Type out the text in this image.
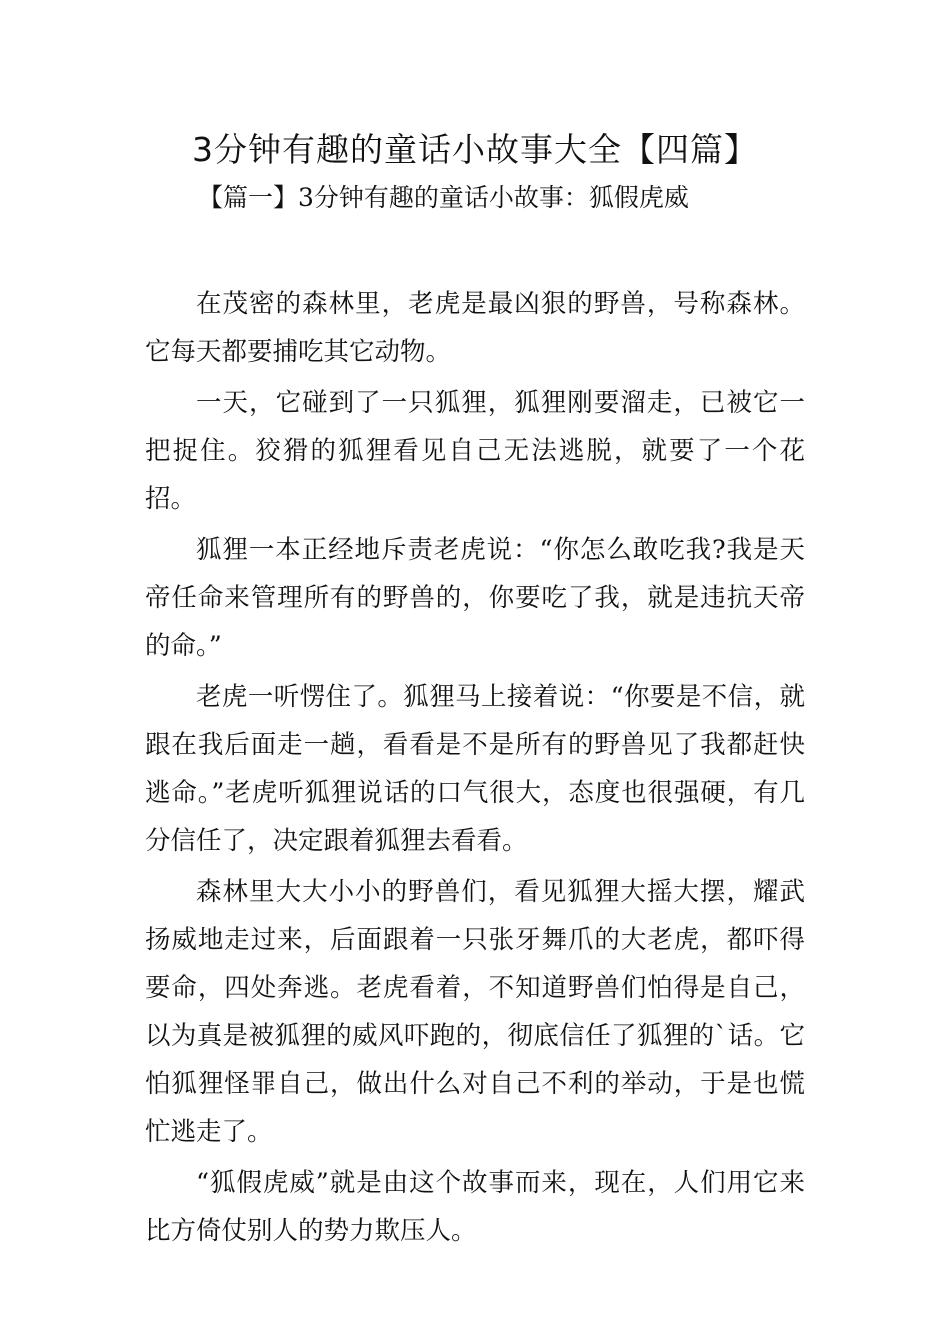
3分钟有趣的童话小故事大全【四篇】
【篇一】3分钟有趣的童话小故事：狐假虎威

在茂密的森林里，老虎是最凶狠的野兽，号称森林。它每天都要捕吃其它动物。

一天，它碰到了一只狐狸，狐狸刚要溜走，已被它一把捉住。狡猾的狐狸看见自己无法逃脱，就要了一个花招。

狐狸一本正经地斥责老虎说：“你怎么敢吃我?我是天帝任命来管理所有的野兽的，你要吃了我，就是违抗天帝的命。”

老虎一听愣住了。狐狸马上接着说：“你要是不信，就跟在我后面走一趟，看看是不是所有的野兽见了我都赶快逃命。”老虎听狐狸说话的口气很大，态度也很强硬，有几分信任了，决定跟着狐狸去看看。

森林里大大小小的野兽们，看见狐狸大摇大摆，耀武扬威地走过来，后面跟着一只张牙舞爪的大老虎，都吓得要命，四处奔逃。老虎看着，不知道野兽们怕得是自己，以为真是被狐狸的威风吓跑的，彻底信任了狐狸的`话。它怕狐狸怪罪自己，做出什么对自己不利的举动，于是也慌忙逃走了。

“狐假虎威”就是由这个故事而来，现在，人们用它来比方倚仗别人的势力欺压人。
